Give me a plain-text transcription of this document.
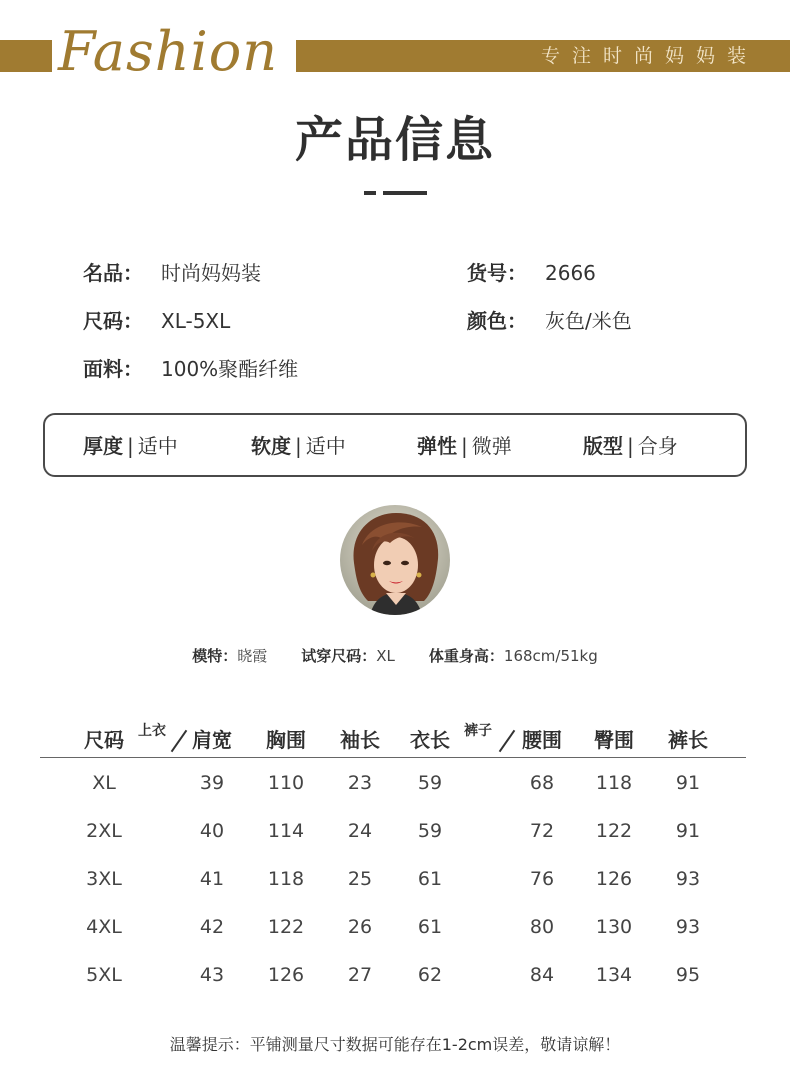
Fashion	专注时尚妈妈装
产品信息
名品： 时尚妈妈装	货号： 2666
尺码： XL-5XL	颜色： 灰色/米色
面料： 100%聚酯纤维
厚度 | 适中	软度 | 适中	弹性 | 微弹	版型 | 合身
模特：晓霞 试穿尺码：XL 体重身高：168cm/51kg
尺码 上衣	裤子
肩宽 胸围 袖长 衣长	腰围 臀围 裤长
XL	39 110 23 59	68 118 91
2XL	40 114 24 59	72 122 91
3XL	41 118 25 61	76 126 93
4XL	42 122 26 61	80 130 93
5XL	43 126 27 62	84 134 95
温馨提示：平铺测量尺寸数据可能存在1-2cm误差，敬请谅解！
